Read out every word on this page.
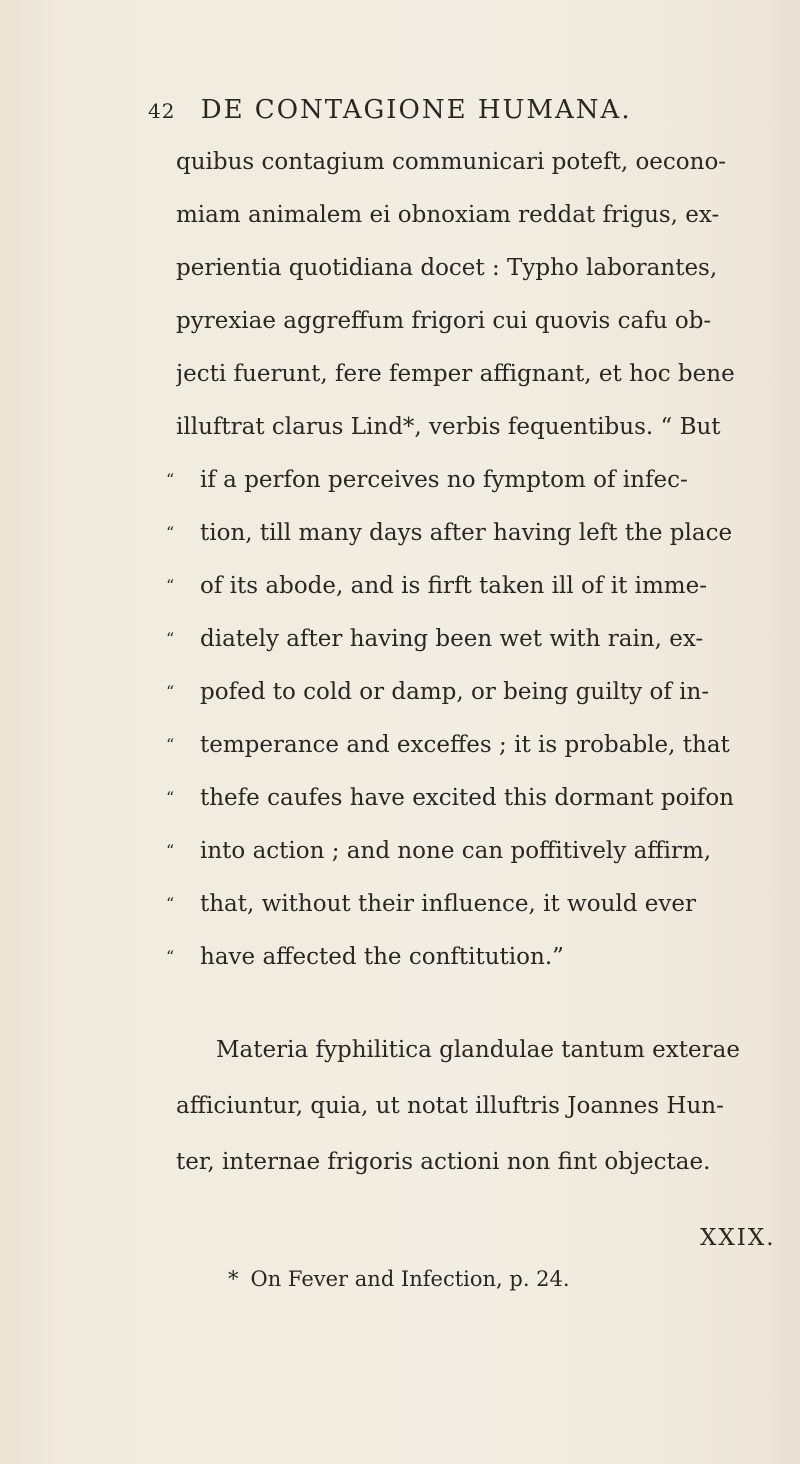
42 DE CONTAGIONE HUMANA.
quibus contagium communicari poteft, oecono-
miam animalem ei obnoxiam reddat frigus, ex-
perientia quotidiana docet : Typho laborantes,
pyrexiae aggreffum frigori cui quovis cafu ob-
jecti fuerunt, fere femper affignant, et hoc bene
illuftrat clarus Lind*, verbis fequentibus. “ But
“ if a perfon perceives no fymptom of infec-
“ tion, till many days after having left the place
“ of its abode, and is firft taken ill of it imme-
“ diately after having been wet with rain, ex-
“ pofed to cold or damp, or being guilty of in-
“ temperance and exceffes ; it is probable, that
“ thefe caufes have excited this dormant poifon
“ into action ; and none can poffitively affirm,
“ that, without their influence, it would ever
“ have affected the conftitution.”
Materia fyphilitica glandulae tantum exterae
afficiuntur, quia, ut notat illuftris Joannes Hun-
ter, internae frigoris actioni non fint objectae.
XXIX.
* On Fever and Infection, p. 24.
